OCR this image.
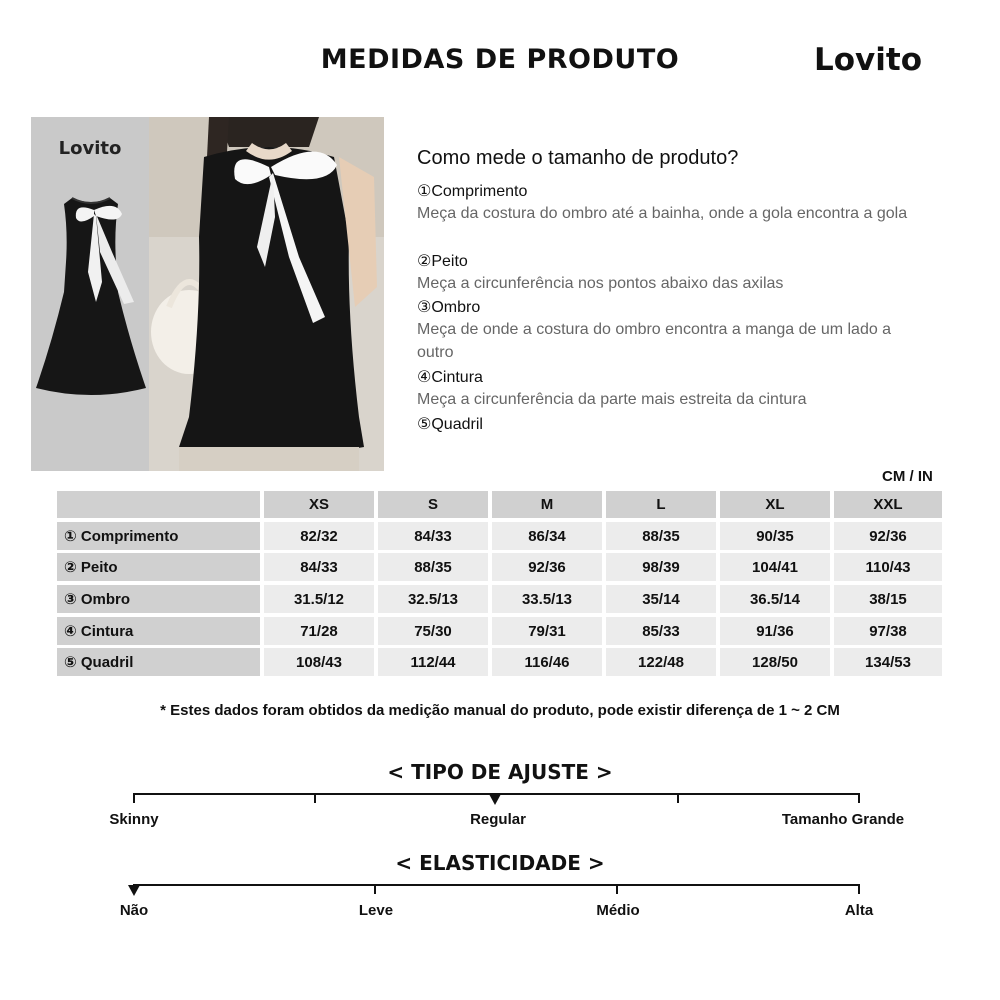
MEDIDAS DE PRODUTO	Lovito
Lovito	Como mede o tamanho de produto?
①Comprimento
Meça da costura do ombro até a bainha, onde a gola encontra a gola
②Peito
Meça a circunferência nos pontos abaixo das axilas
③Ombro
Meça de onde a costura do ombro encontra a manga de um lado a outro
④Cintura
Meça a circunferência da parte mais estreita da cintura
⑤Quadril
CM / IN
XS	S	M	L	XL	XXL
① Comprimento	82/32	84/33	86/34	88/35	90/35	92/36
② Peito	84/33	88/35	92/36	98/39	104/41	110/43
③ Ombro	31.5/12	32.5/13	33.5/13	35/14	36.5/14	38/15
④ Cintura	71/28	75/30	79/31	85/33	91/36	97/38
⑤ Quadril	108/43	112/44	116/46	122/48	128/50	134/53
* Estes dados foram obtidos da medição manual do produto, pode existir diferença de 1 ~ 2 CM
< TIPO DE AJUSTE >
Skinny	Regular	Tamanho Grande
< ELASTICIDADE >
Não	Leve	Médio	Alta
